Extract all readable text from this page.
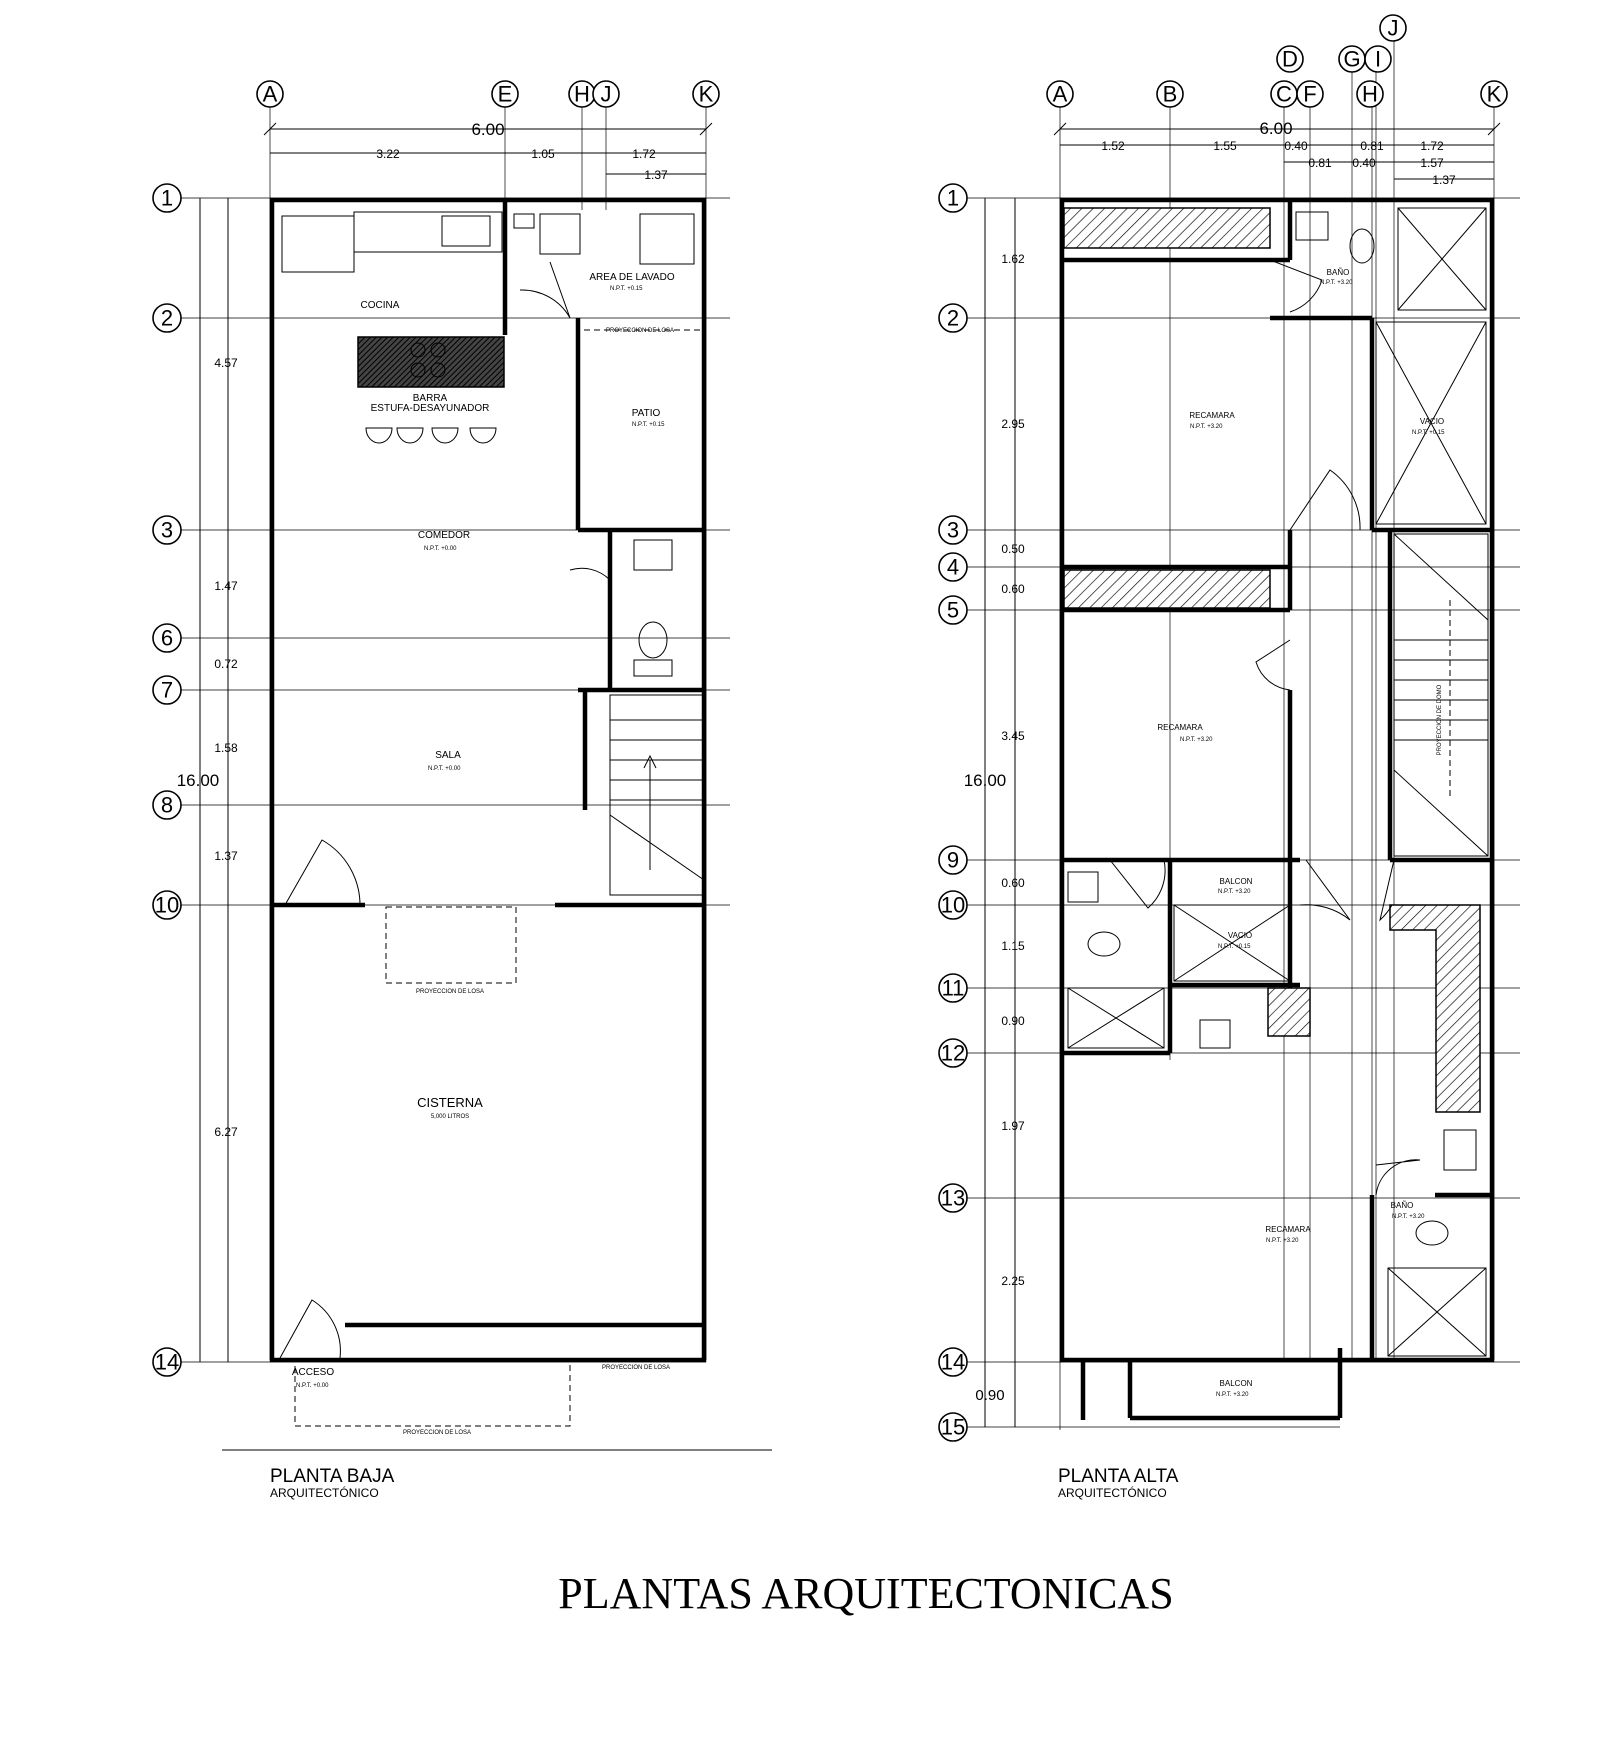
A	E	H J	K
1
2
3
6
7
8
10
14
6.00
3.22	1.05	1.72
1.37
16.00
4.57
1.47
0.72
1.58
1.37
6.27
COCINA
AREA DE LAVADO
N.P.T. +0.15
BARRA
ESTUFA-DESAYUNADOR	PATIO
N.P.T. +0.15
COMEDOR
N.P.T. +0.00
SALA
N.P.T. +0.00
CISTERNA
5,000 LITROS
ACCESO
N.P.T. +0.00
PROYECCION DE LOSA
PROYECCION DE LOSA
PROYECCION DE LOSA
PROYECCION DE LOSA
PLANTA BAJA
ARQUITECTÓNICO
A	B	C
D
F
G I
J
H	K
1
2
3
4
5
9
10
11
12
13
14
15
6.00
1.52	1.55	0.40	0.81	1.72
0.81 0.40	1.57
1.37
16.00
1.62
2.95
0.50
0.60
3.45
0.60
1.15
0.90
1.97
2.25
0.90
PROYECCION DE DOMO
BAÑO
N.P.T. +3.20
RECAMARA
N.P.T. +3.20
VACIO
N.P.T. +0.15
RECAMARA
N.P.T. +3.20
BALCON
N.P.T. +3.20
VACIO
N.P.T. +0.15
RECAMARA
N.P.T. +3.20
BAÑO
N.P.T. +3.20
BALCON
N.P.T. +3.20
PLANTA ALTA
ARQUITECTÓNICO
PLANTAS ARQUITECTONICAS
